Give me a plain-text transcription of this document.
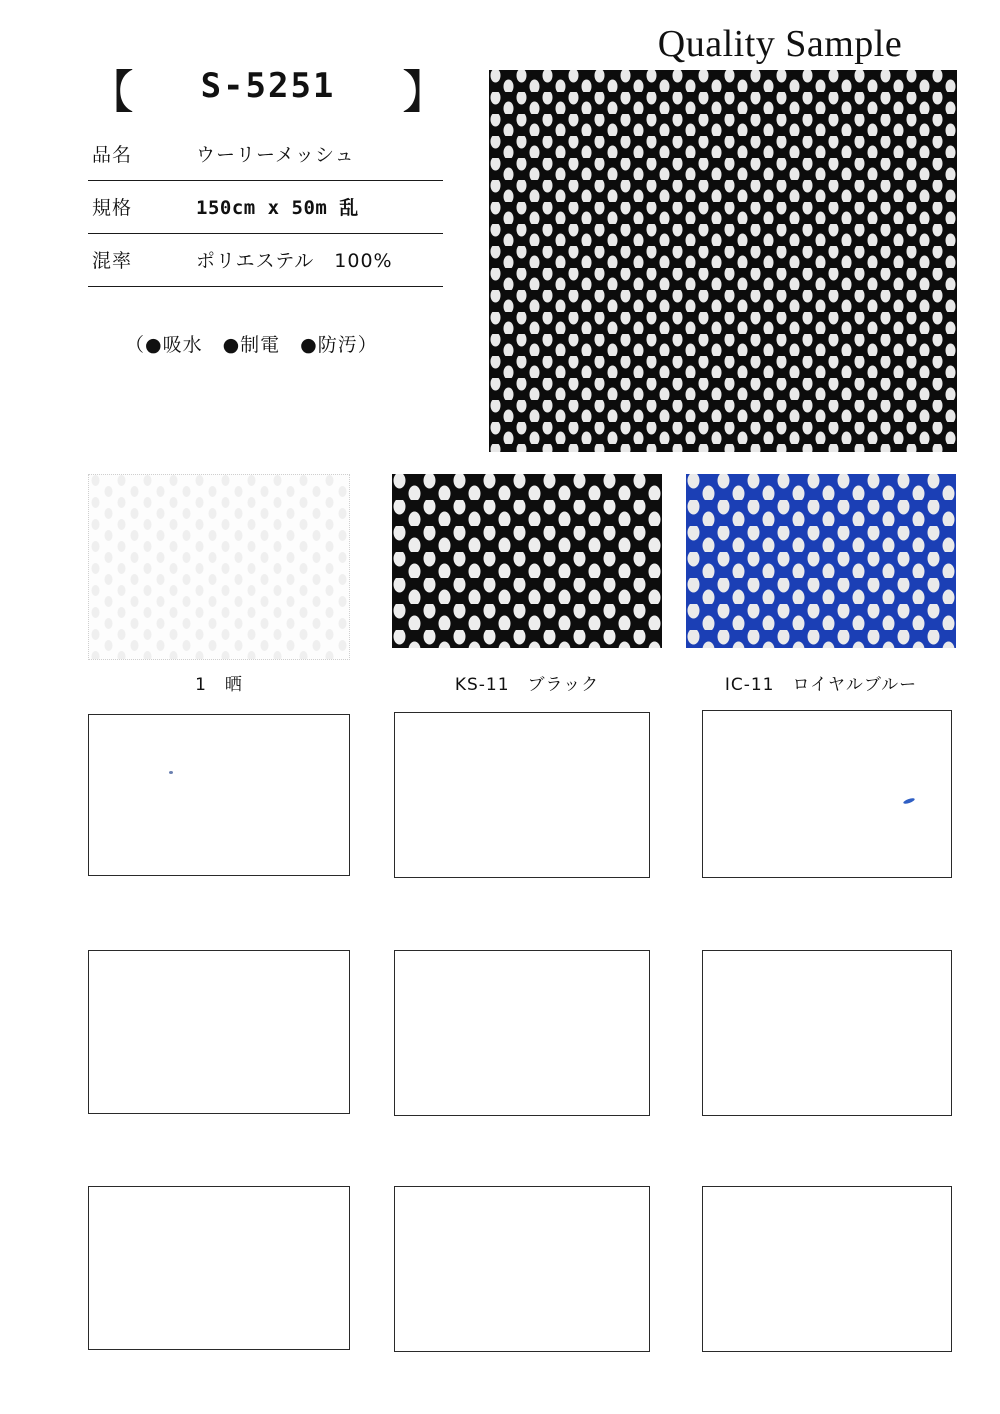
Quality Sample
【	S-5251	】
品名	ウーリーメッシュ
規格	150cm x 50m 乱
混率	ポリエステル　100%
（●吸水　●制電　●防汚）
1　晒	KS-11　ブラック	IC-11　ロイヤルブルー
